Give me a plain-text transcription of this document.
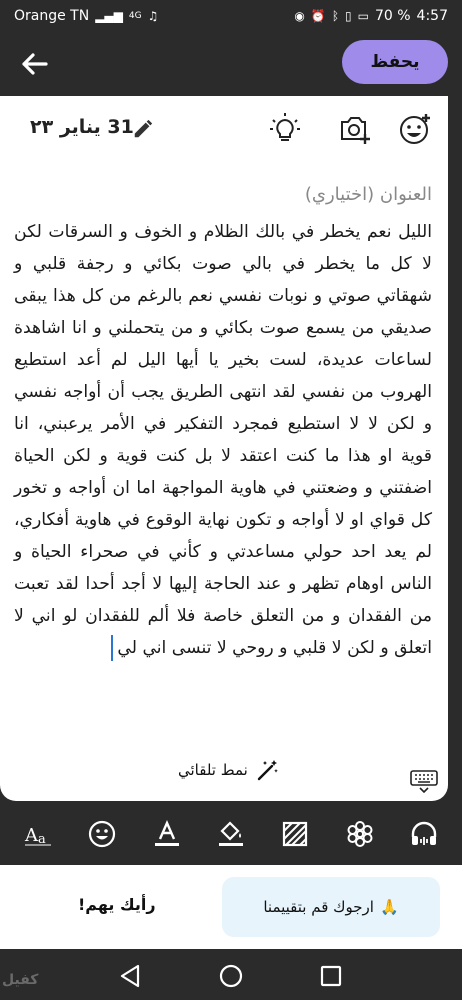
Orange TN ▂▄▆ 4G ♫	◉ ⏰ ᛒ ▯ ▭ 70 % 4:57
يحفظ
31 يناير ٢٣
العنوان (اختياري)
الليل نعم يخطر في بالك الظلام و الخوف و السرقات لكن لا كل ما يخطر في بالي صوت بكائي و رجفة قلبي و شهقاتي صوتي و نوبات نفسي نعم بالرغم من كل هذا يبقى صديقي من يسمع صوت بكائي و من يتحملني و انا اشاهدة لساعات عديدة، لست بخير يا أيها اليل لم أعد استطيع الهروب من نفسي لقد انتهى الطريق يجب أن أواجه نفسي و لكن لا لا استطيع فمجرد التفكير في الأمر يرعبني، انا قوية او هذا ما كنت اعتقد لا بل كنت قوية و لكن الحياة اضفتني و وضعتني في هاوية المواجهة اما ان أواجه و تخور كل قواي او لا أواجه و تكون نهاية الوقوع في هاوية أفكاري، لم يعد احد حولي مساعدتي و كأني في صحراء الحياة و الناس اوهام تظهر و عند الحاجة إليها لا أجد أحدا لقد تعبت من الفقدان و من التعلق خاصة فلا ألم للفقدان لو اني لا اتعلق و لكن لا قلبي و روحي لا تنسى اني لي
نمط تلقائي
A a
🙏
ارجوك قم بتقييمنا
رأيك يهم!
كفيل
